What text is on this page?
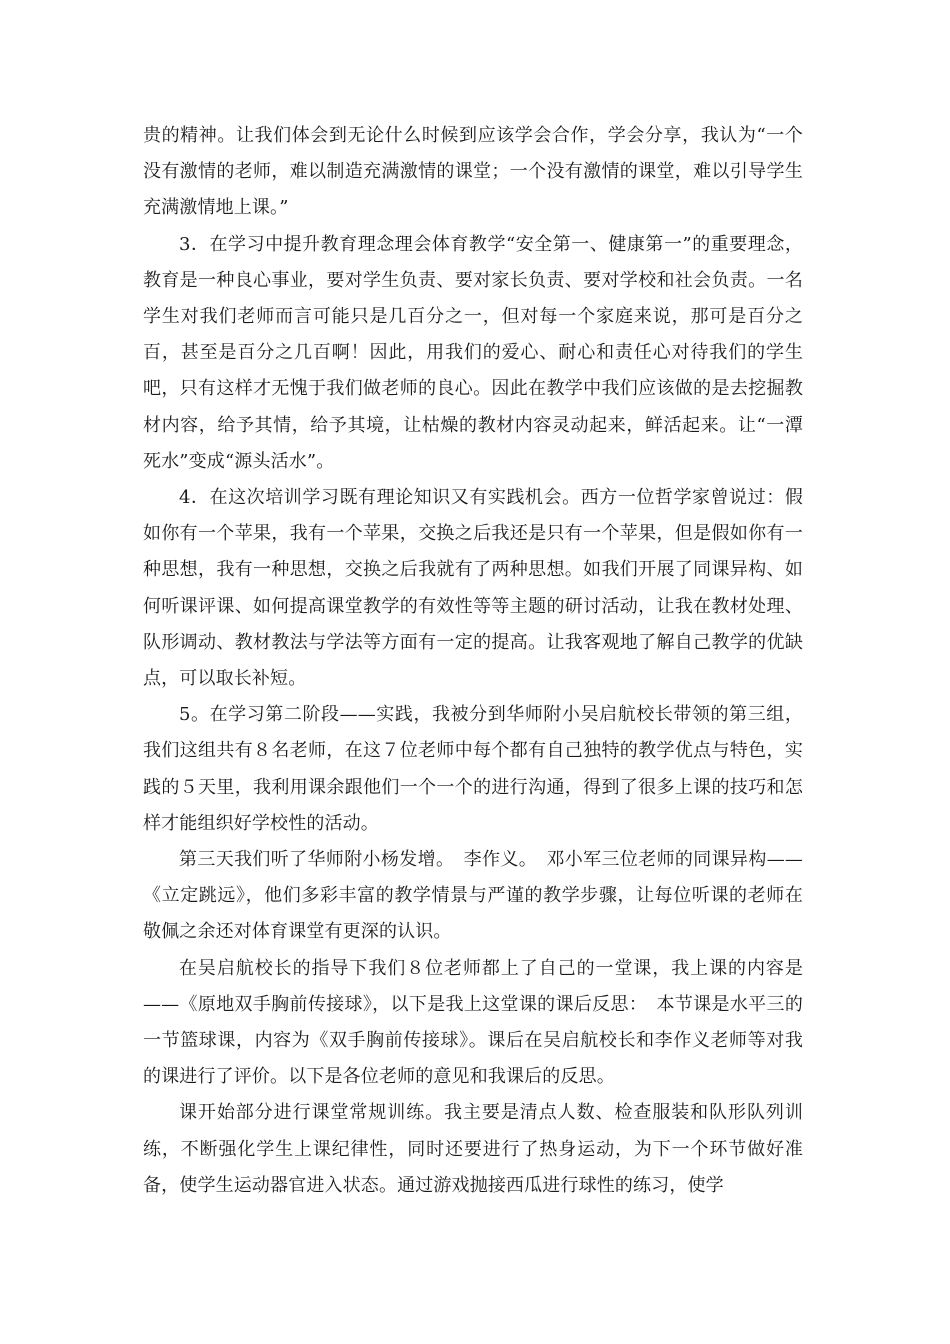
贵的精神。让我们体会到无论什么时候到应该学会合作，学会分享，我认为“一个没有激情的老师，难以制造充满激情的课堂；一个没有激情的课堂，难以引导学生充满激情地上课。”

3．在学习中提升教育理念理会体育教学“安全第一、健康第一”的重要理念，教育是一种良心事业，要对学生负责、要对家长负责、要对学校和社会负责。一名学生对我们老师而言可能只是几百分之一，但对每一个家庭来说，那可是百分之百，甚至是百分之几百啊！因此，用我们的爱心、耐心和责任心对待我们的学生吧，只有这样才无愧于我们做老师的良心。因此在教学中我们应该做的是去挖掘教材内容，给予其情，给予其境，让枯燥的教材内容灵动起来，鲜活起来。让“一潭死水”变成“源头活水”。

4．在这次培训学习既有理论知识又有实践机会。西方一位哲学家曾说过：假如你有一个苹果，我有一个苹果，交换之后我还是只有一个苹果，但是假如你有一种思想，我有一种思想，交换之后我就有了两种思想。如我们开展了同课异构、如何听课评课、如何提高课堂教学的有效性等等主题的研讨活动，让我在教材处理、队形调动、教材教法与学法等方面有一定的提高。让我客观地了解自己教学的优缺点，可以取长补短。

5。在学习第二阶段——实践，我被分到华师附小吴启航校长带领的第三组，我们这组共有８名老师，在这７位老师中每个都有自己独特的教学优点与特色，实践的５天里，我利用课余跟他们一个一个的进行沟通，得到了很多上课的技巧和怎样才能组织好学校性的活动。

第三天我们听了华师附小杨发增。　李作义。　邓小军三位老师的同课异构——《立定跳远》，他们多彩丰富的教学情景与严谨的教学步骤，让每位听课的老师在敬佩之余还对体育课堂有更深的认识。

在吴启航校长的指导下我们８位老师都上了自己的一堂课，我上课的内容是——《原地双手胸前传接球》，以下是我上这堂课的课后反思：　本节课是水平三的一节篮球课，内容为《双手胸前传接球》。课后在吴启航校长和李作义老师等对我的课进行了评价。以下是各位老师的意见和我课后的反思。

课开始部分进行课堂常规训练。我主要是清点人数、检查服装和队形队列训练，不断强化学生上课纪律性，同时还要进行了热身运动，为下一个环节做好准备，使学生运动器官进入状态。通过游戏抛接西瓜进行球性的练习，使学
